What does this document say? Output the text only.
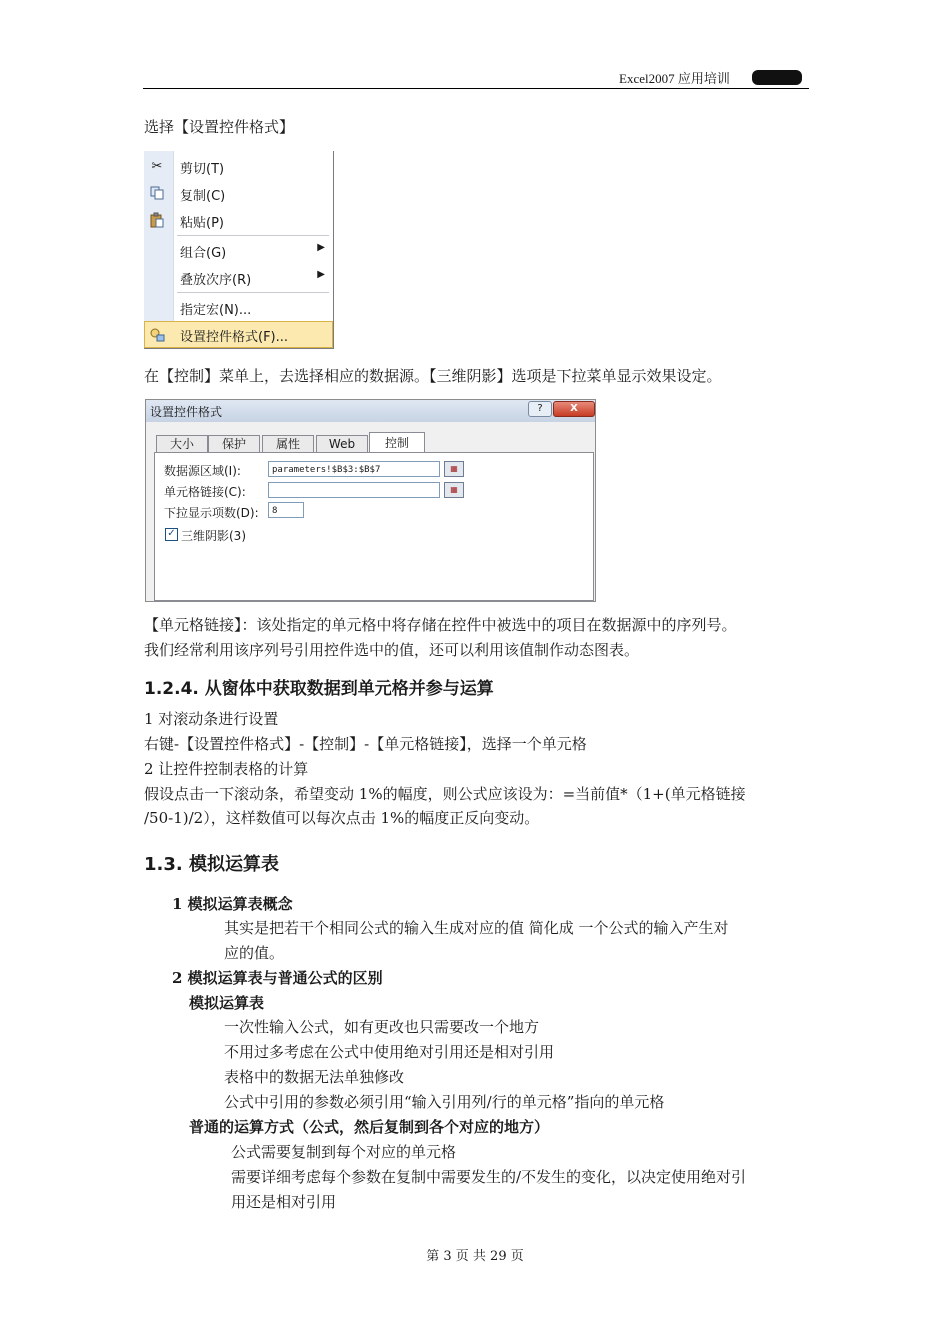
Excel2007 应用培训
选择【设置控件格式】
✂ 剪切(T)
复制(C)
粘贴(P)
组合(G)	▶
叠放次序(R)	▶
指定宏(N)...
设置控件格式(F)...
在【控制】菜单上，去选择相应的数据源。【三维阴影】选项是下拉菜单显示效果设定。
设置控件格式	?	X
大小	保护	属性	Web	控制
数据源区域(I):	parameters!$B$3:$B$7	▦
单元格链接(C):	▦
下拉显示项数(D):	8
✓ 三维阴影(3)
【单元格链接】：该处指定的单元格中将存储在控件中被选中的项目在数据源中的序列号。
我们经常利用该序列号引用控件选中的值，还可以利用该值制作动态图表。
1.2.4. 从窗体中获取数据到单元格并参与运算
1 对滚动条进行设置
右键-【设置控件格式】-【控制】-【单元格链接】，选择一个单元格
2 让控件控制表格的计算
假设点击一下滚动条，希望变动 1%的幅度，则公式应该设为：=当前值*（1+(单元格链接
/50-1)/2），这样数值可以每次点击 1%的幅度正反向变动。
1.3. 模拟运算表
1 模拟运算表概念
其实是把若干个相同公式的输入生成对应的值 简化成 一个公式的输入产生对
应的值。
2 模拟运算表与普通公式的区别
模拟运算表
一次性输入公式，如有更改也只需要改一个地方
不用过多考虑在公式中使用绝对引用还是相对引用
表格中的数据无法单独修改
公式中引用的参数必须引用“输入引用列/行的单元格”指向的单元格
普通的运算方式（公式，然后复制到各个对应的地方）
公式需要复制到每个对应的单元格
需要详细考虑每个参数在复制中需要发生的/不发生的变化，以决定使用绝对引
用还是相对引用
第 3 页 共 29 页
